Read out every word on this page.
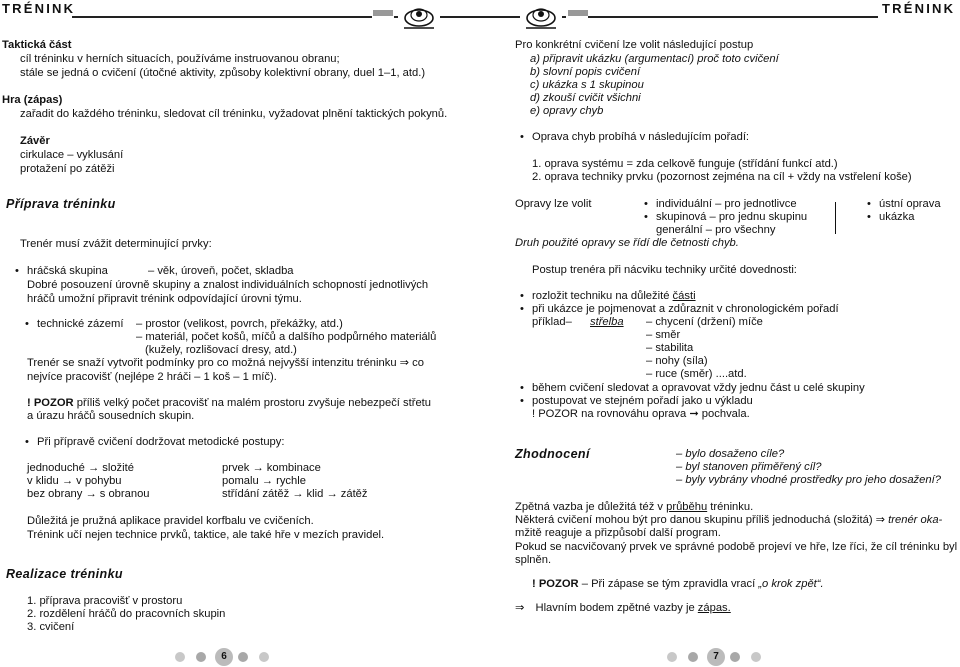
TRÉNINK
Taktická část
cíl tréninku v herních situacích, používáme instruovanou obranu;
stále se jedná o cvičení (útočné aktivity, způsoby kolektivní obrany, duel 1–1, atd.)
Hra (zápas)
zařadit do každého tréninku, sledovat cíl tréninku, vyžadovat plnění taktických pokynů.
Závěr
cirkulace – vyklusání
protažení po zátěži
Příprava tréninku
Trenér musí zvážit determinující prvky:
• hráčská skupina	– věk, úroveň, počet, skladba
Dobré posouzení úrovně skupiny a znalost individuálních schopností jednotlivých
hráčů umožní připravit trénink odpovídající úrovni týmu.
• technické zázemí – prostor (velikost, povrch, překážky, atd.)
– materiál, počet košů, míčů a dalšího podpůrného materiálů
(kužely, rozlišovací dresy, atd.)
Trenér se snaží vytvořit podmínky pro co možná nejvyšší intenzitu tréninku ⇒ co
nejvíce pracovišť (nejlépe 2 hráči – 1 koš – 1 míč).
! POZOR příliš velký počet pracovišť na malém prostoru zvyšuje nebezpečí střetu
a úrazu hráčů sousedních skupin.
• Při přípravě cvičení dodržovat metodické postupy:
jednoduché → složité
v klidu → v pohybu
bez obrany → s obranou
prvek → kombinace
pomalu → rychle
střídání zátěž → klid → zátěž
Důležitá je pružná aplikace pravidel korfbalu ve cvičeních.
Trénink učí nejen technice prvků, taktice, ale také hře v mezích pravidel.
Realizace tréninku
1. příprava pracovišť v prostoru
2. rozdělení hráčů do pracovních skupin
3. cvičení
6
TRÉNINK
Pro konkrétní cvičení lze volit následující postup
a) připravit ukázku (argumentací) proč toto cvičení
b) slovní popis cvičení
c) ukázka s 1 skupinou
d) zkouší cvičit všichni
e) opravy chyb
• Oprava chyb probíhá v následujícím pořadí:
1. oprava systému = zda celkově funguje (střídání funkcí atd.)
2. oprava techniky prvku (pozornost zejména na cíl + vždy na vstřelení koše)
Opravy lze volit
•	individuální – pro jednotlivce
• skupinová – pro jednu skupinu
generální – pro všechny
• ústní oprava
• ukázka
Druh použité opravy se řídí dle četnosti chyb.
Postup trenéra při nácviku techniky určité dovednosti:
• rozložit techniku na důležité části
• při ukázce je pojmenovat a zdůraznit v chronologickém pořadí
příklad– střelba – chycení (držení) míče
– směr
– stabilita
– nohy (síla)
– ruce (směr) ....atd.
• během cvičení sledovat a opravovat vždy jednu část u celé skupiny
• postupovat ve stejném pořadí jako u výkladu
! POZOR na rovnováhu oprava ➞ pochvala.
Zhodnocení	– bylo dosaženo cíle?
– byl stanoven přiměřený cíl?
– byly vybrány vhodné prostředky pro jeho dosažení?
Zpětná vazba je důležitá též v průběhu tréninku.
Některá cvičení mohou být pro danou skupinu příliš jednoduchá (složitá) ⇒ trenér oka-
mžitě reaguje a přizpůsobí další program.
Pokud se nacvičovaný prvek ve správné podobě projeví ve hře, lze říci, že cíl tréninku byl
splněn.
! POZOR – Při zápase se tým zpravidla vrací „o krok zpět“.
⇒ Hlavním bodem zpětné vazby je zápas.
7
